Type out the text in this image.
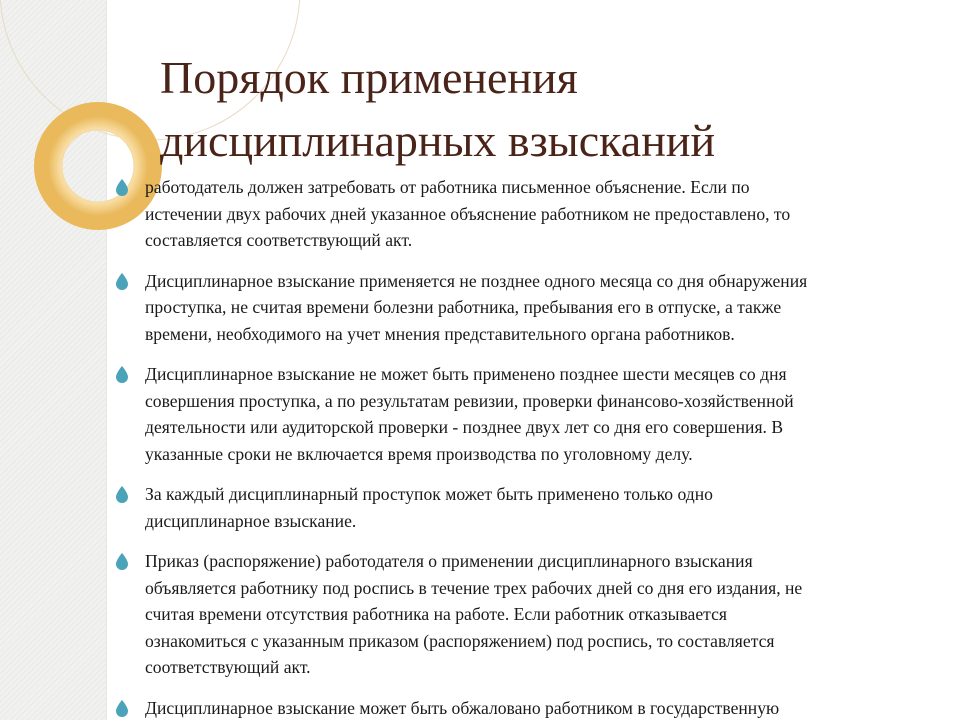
Порядок применения
дисциплинарных взысканий

работодатель должен затребовать от работника письменное объяснение. Если по
истечении двух рабочих дней указанное объяснение работником не предоставлено, то
составляется соответствующий акт.

Дисциплинарное взыскание применяется не позднее одного месяца со дня обнаружения
проступка, не считая времени болезни работника, пребывания его в отпуске, а также
времени, необходимого на учет мнения представительного органа работников.

Дисциплинарное взыскание не может быть применено позднее шести месяцев со дня
совершения проступка, а по результатам ревизии, проверки финансово-хозяйственной
деятельности или аудиторской проверки - позднее двух лет со дня его совершения. В
указанные сроки не включается время производства по уголовному делу.

За каждый дисциплинарный проступок может быть применено только одно
дисциплинарное взыскание.

Приказ (распоряжение) работодателя о применении дисциплинарного взыскания
объявляется работнику под роспись в течение трех рабочих дней со дня его издания, не
считая времени отсутствия работника на работе. Если работник отказывается
ознакомиться с указанным приказом (распоряжением) под роспись, то составляется
соответствующий акт.

Дисциплинарное взыскание может быть обжаловано работником в государственную
